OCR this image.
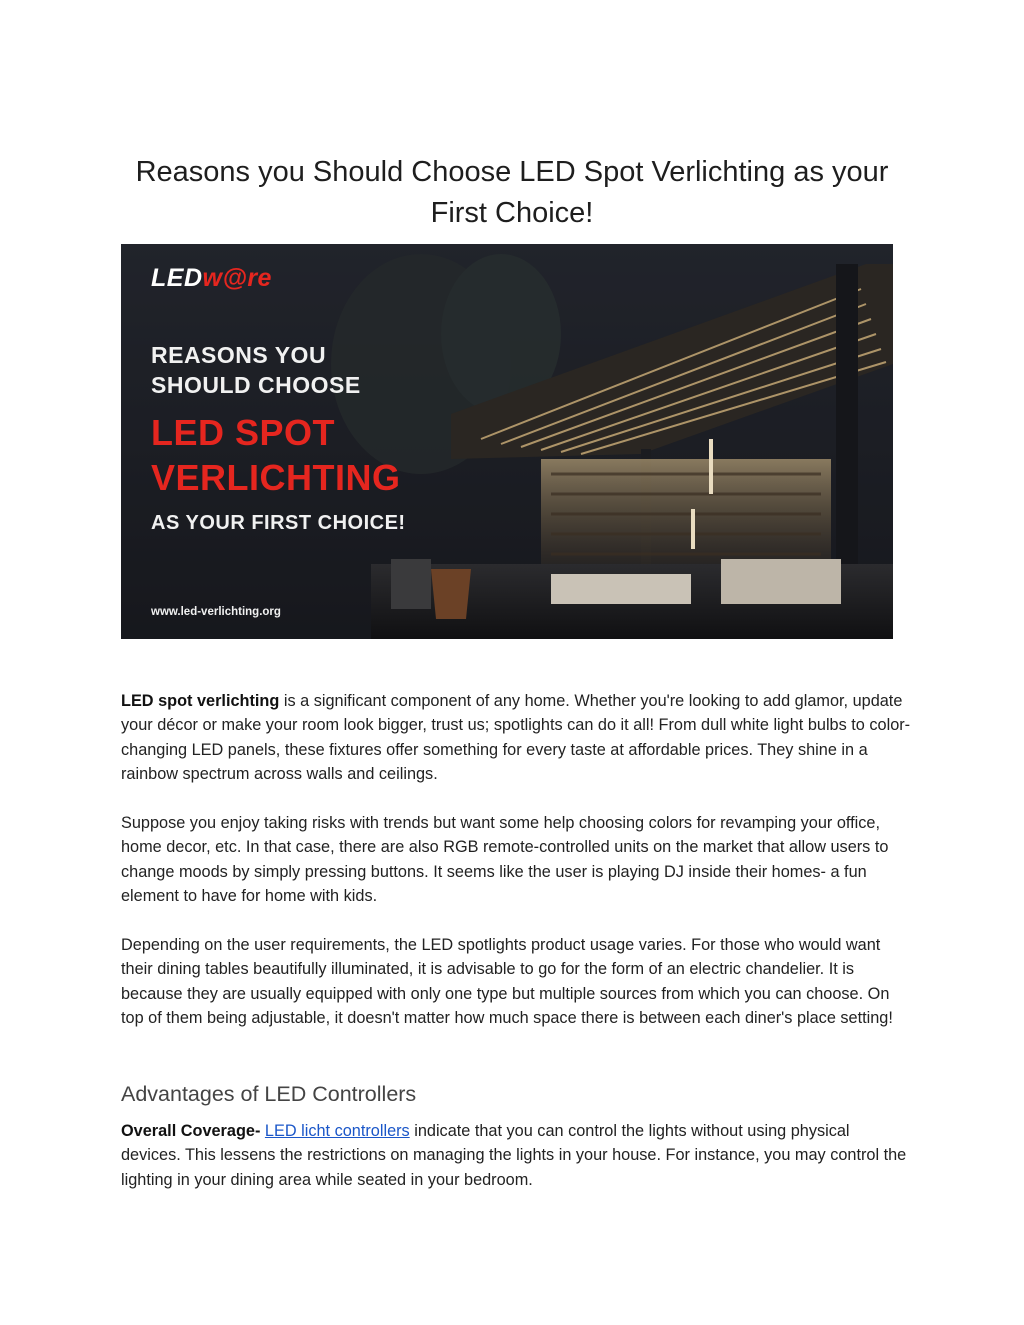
Reasons you Should Choose LED Spot Verlichting as your First Choice!
LEDw@re
REASONS YOU
SHOULD CHOOSE
LED SPOT
VERLICHTING
AS YOUR FIRST CHOICE!
www.led-verlichting.org

LED spot verlichting is a significant component of any home. Whether you're looking to add glamor, update your décor or make your room look bigger, trust us; spotlights can do it all! From dull white light bulbs to color-changing LED panels, these fixtures offer something for every taste at affordable prices. They shine in a rainbow spectrum across walls and ceilings.

Suppose you enjoy taking risks with trends but want some help choosing colors for revamping your office, home decor, etc. In that case, there are also RGB remote-controlled units on the market that allow users to change moods by simply pressing buttons. It seems like the user is playing DJ inside their homes- a fun element to have for home with kids.

Depending on the user requirements, the LED spotlights product usage varies. For those who would want their dining tables beautifully illuminated, it is advisable to go for the form of an electric chandelier. It is because they are usually equipped with only one type but multiple sources from which you can choose. On top of them being adjustable, it doesn't matter how much space there is between each diner's place setting!

Advantages of LED Controllers

Overall Coverage- LED licht controllers indicate that you can control the lights without using physical devices. This lessens the restrictions on managing the lights in your house. For instance, you may control the lighting in your dining area while seated in your bedroom.
